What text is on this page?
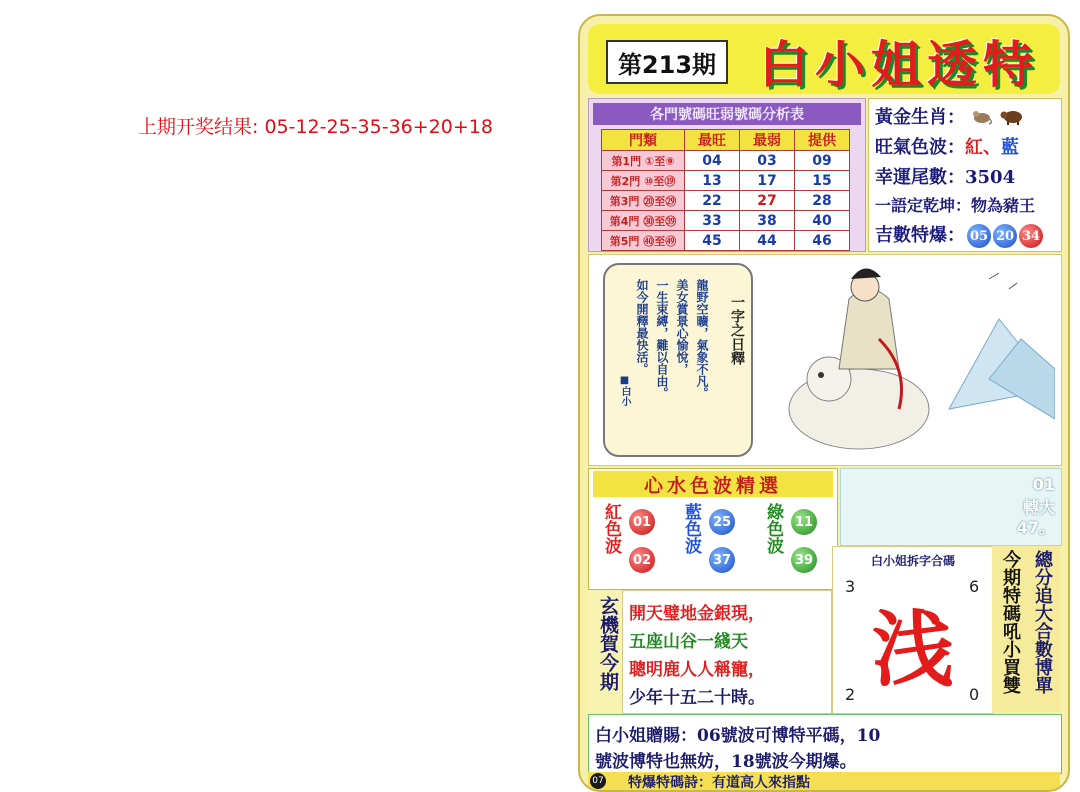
上期开奖结果: 05-12-25-35-36+20+18
第213期 白小姐透特
各門號碼旺弱號碼分析表
門類	最旺	最弱	提供
第1門 ①至⑨	04	03	09
第2門 ⑩至⑲	13	17	15
第3門 ⑳至㉙	22	27	28
第4門 ㉚至㊴	33	38	40
第5門 ㊵至㊾	45	44	46
黃金生肖：
旺氣色波：紅、藍
幸運尾數：3504
一語定乾坤：物為豬王
吉數特爆： 05 20 34
龍野空曠，氣象不凡。
美女賞景心愉悅，
一生束縛，難以自由。
如今開釋最快活。
■白小
一字之日釋
心水色波精選
紅色波 01
02
藍色波 25
37
綠色波 11
39
01
轉大
47。
玄機賀今期 開天璧地金銀現，
五座山谷一綫天
聰明鹿人人稱寵，
少年十五二十時。
白小姐拆字合碼
3	6
2	0
浅	總分追大合數博單
今期特碼吼小買雙
白小姐贈賜：06號波可博特平碼，10
號波博特也無妨，18號波今期爆。
07 特爆特碼詩：有道高人來指點
